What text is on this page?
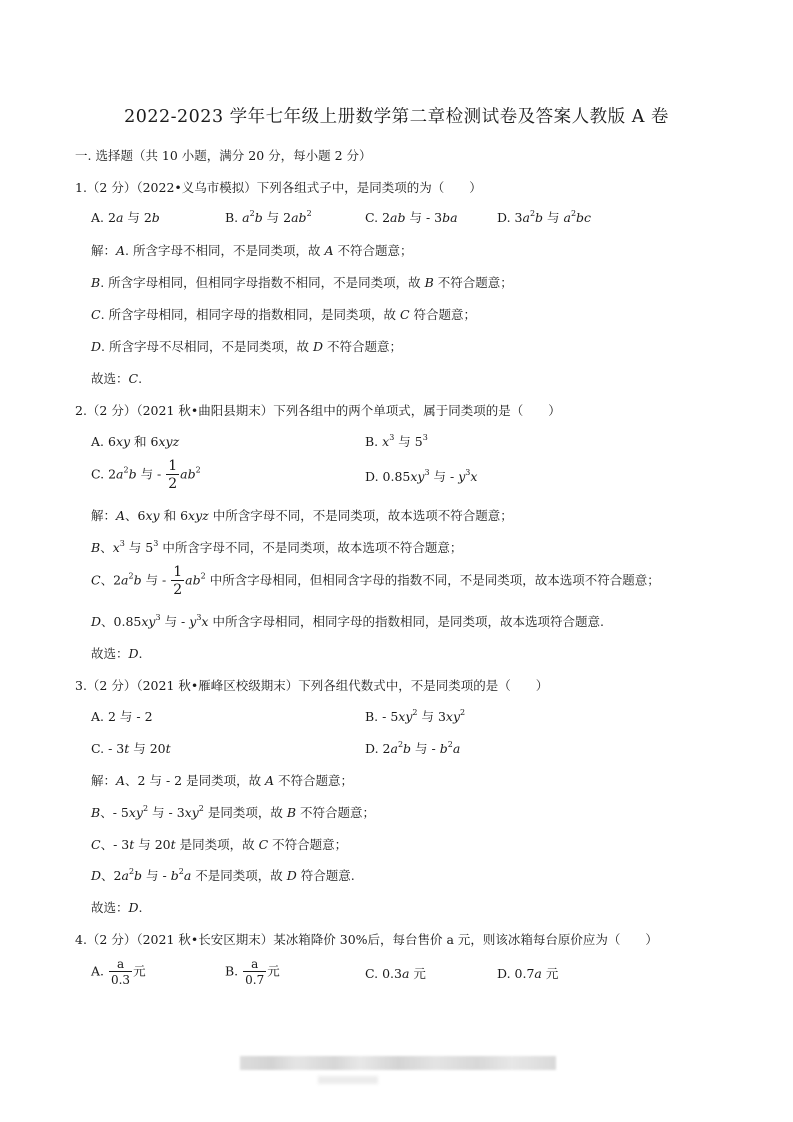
2022-2023 学年七年级上册数学第二章检测试卷及答案人教版 A 卷
一. 选择题（共 10 小题，满分 20 分，每小题 2 分）
1.（2 分）（2022•义乌市模拟）下列各组式子中，是同类项的为（　　）
A. 2a 与 2b	B. $a^2b$ 与 $2ab^2$	C. 2ab 与 - 3ba	D. $3a^2b$ 与 $a^2bc$
解：A. 所含字母不相同，不是同类项，故 A 不符合题意；
B. 所含字母相同，但相同字母指数不相同，不是同类项，故 B 不符合题意；
C. 所含字母相同，相同字母的指数相同，是同类项，故 C 符合题意；
D. 所含字母不尽相同，不是同类项，故 D 不符合题意；
故选：C.
2.（2 分）（2021 秋•曲阳县期末）下列各组中的两个单项式，属于同类项的是（　　）
A. 6xy 和 6xyz	B. $x^3$ 与 $5^3$
C. $2a^2b$ 与 - $\frac{1}{2} ab^2$	D. $0.85xy^3$ 与 - $y^3x$
解：A、6xy 和 6xyz 中所含字母不同，不是同类项，故本选项不符合题意；
B、$x^3$ 与 $5^3$ 中所含字母不同，不是同类项，故本选项不符合题意；
C、$2a^2b$ 与 - $\frac{1}{2} ab^2$ 中所含字母相同，但相同含字母的指数不同，不是同类项，故本选项不符合题意；
D、$0.85xy^3$ 与 - $y^3x$ 中所含字母相同，相同字母的指数相同，是同类项，故本选项符合题意.
故选：D.
3.（2 分）（2021 秋•雁峰区校级期末）下列各组代数式中，不是同类项的是（　　）
A. 2 与 - 2	B. - $5xy^2$ 与 $3xy^2$
C. - 3t 与 20t	D. $2a^2b$ 与 - $b^2a$
解：A、2 与 - 2 是同类项，故 A 不符合题意；
B、- $5xy^2$ 与 - $3xy^2$ 是同类项，故 B 不符合题意；
C、- 3t 与 20t 是同类项，故 C 不符合题意；
D、$2a^2b$ 与 - $b^2a$ 不是同类项，故 D 符合题意.
故选：D.
4.（2 分）（2021 秋•长安区期末）某冰箱降价 30%后，每台售价 a 元，则该冰箱每台原价应为（　　）
A. $\frac{a}{0.3}$ 元	B. $\frac{a}{0.7}$ 元	C. 0.3a 元	D. 0.7a 元
